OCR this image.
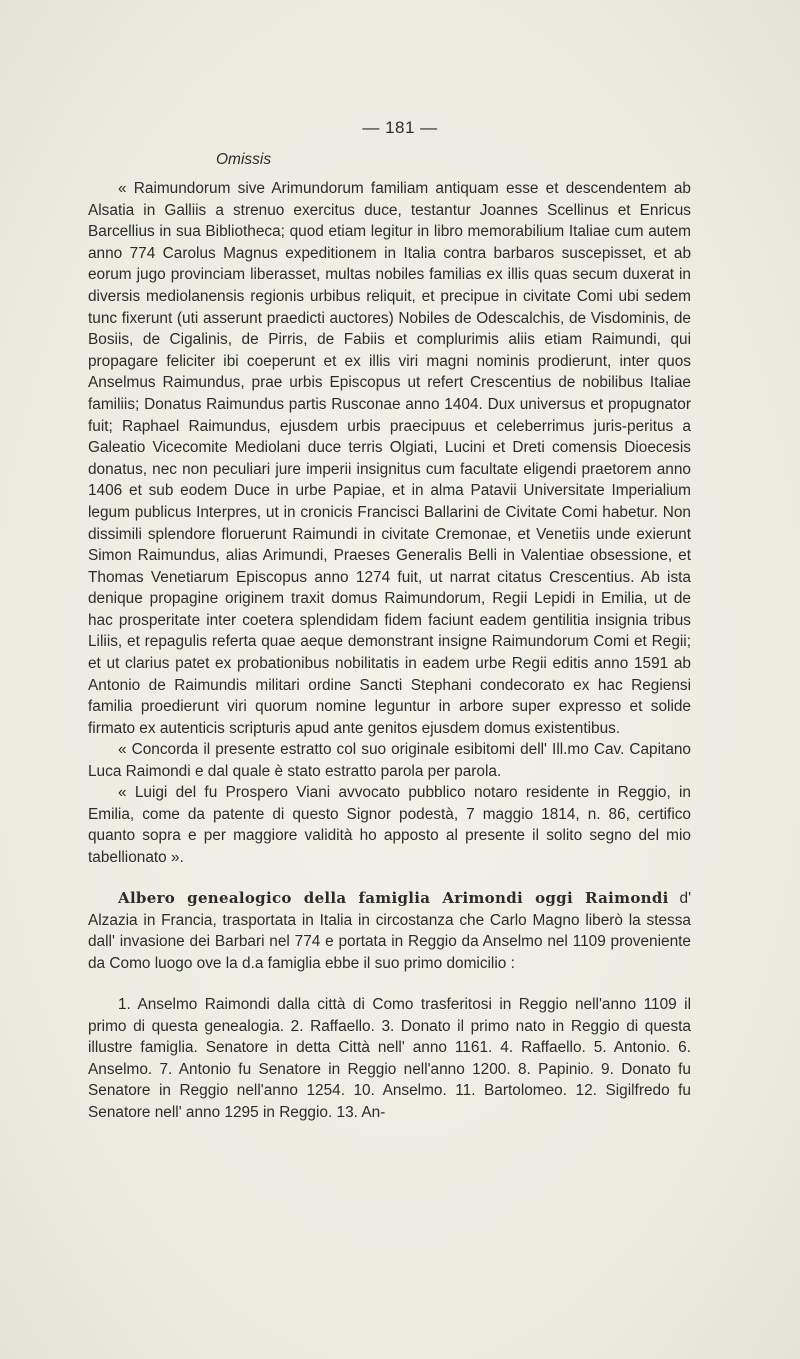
— 181 —
Omissis

« Raimundorum sive Arimundorum familiam antiquam esse et descendentem ab Alsatia in Galliis a strenuo exercitus duce, testantur Joannes Scellinus et Enricus Barcellius in sua Bibliotheca; quod etiam legitur in libro memorabilium Italiae cum autem anno 774 Carolus Magnus expeditionem in Italia contra barbaros suscepisset, et ab eorum jugo provinciam liberasset, multas nobiles familias ex illis quas secum duxerat in diversis mediolanensis regionis urbibus reliquit, et precipue in civitate Comi ubi sedem tunc fixerunt (uti asserunt praedicti auctores) Nobiles de Odescalchis, de Visdominis, de Bosiis, de Cigalinis, de Pirris, de Fabiis et complurimis aliis etiam Raimundi, qui propagare feliciter ibi coeperunt et ex illis viri magni nominis prodierunt, inter quos Anselmus Raimundus, prae urbis Episcopus ut refert Crescentius de nobilibus Italiae familiis; Donatus Raimundus partis Rusconae anno 1404. Dux universus et propugnator fuit; Raphael Raimundus, ejusdem urbis praecipuus et celeberrimus juris-peritus a Galeatio Vicecomite Mediolani duce terris Olgiati, Lucini et Dreti comensis Dioecesis donatus, nec non peculiari jure imperii insignitus cum facultate eligendi praetorem anno 1406 et sub eodem Duce in urbe Papiae, et in alma Patavii Universitate Imperialium legum publicus Interpres, ut in cronicis Francisci Ballarini de Civitate Comi habetur. Non dissimili splendore floruerunt Raimundi in civitate Cremonae, et Venetiis unde exierunt Simon Raimundus, alias Arimundi, Praeses Generalis Belli in Valentiae obsessione, et Thomas Venetiarum Episcopus anno 1274 fuit, ut narrat citatus Crescentius. Ab ista denique propagine originem traxit domus Raimundorum, Regii Lepidi in Emilia, ut de hac prosperitate inter coetera splendidam fidem faciunt eadem gentilitia insignia tribus Liliis, et repagulis referta quae aeque demonstrant insigne Raimundorum Comi et Regii; et ut clarius patet ex probationibus nobilitatis in eadem urbe Regii editis anno 1591 ab Antonio de Raimundis militari ordine Sancti Stephani condecorato ex hac Regiensi familia proedierunt viri quorum nomine leguntur in arbore super expresso et solide firmato ex autenticis scripturis apud ante genitos ejusdem domus existentibus.

« Concorda il presente estratto col suo originale esibitomi dell' Ill.mo Cav. Capitano Luca Raimondi e dal quale è stato estratto parola per parola.

« Luigi del fu Prospero Viani avvocato pubblico notaro residente in Reggio, in Emilia, come da patente di questo Signor podestà, 7 maggio 1814, n. 86, certifico quanto sopra e per maggiore validità ho apposto al presente il solito segno del mio tabellionato ».

Albero genealogico della famiglia Arimondi oggi Raimondi d' Alzazia in Francia, trasportata in Italia in circostanza che Carlo Magno liberò la stessa dall' invasione dei Barbari nel 774 e portata in Reggio da Anselmo nel 1109 proveniente da Como luogo ove la d.a famiglia ebbe il suo primo domicilio :

1. Anselmo Raimondi dalla città di Como trasferitosi in Reggio nell'anno 1109 il primo di questa genealogia. 2. Raffaello. 3. Donato il primo nato in Reggio di questa illustre famiglia. Senatore in detta Città nell' anno 1161. 4. Raffaello. 5. Antonio. 6. Anselmo. 7. Antonio fu Senatore in Reggio nell'anno 1200. 8. Papinio. 9. Donato fu Senatore in Reggio nell'anno 1254. 10. Anselmo. 11. Bartolomeo. 12. Sigilfredo fu Senatore nell' anno 1295 in Reggio. 13. An-
